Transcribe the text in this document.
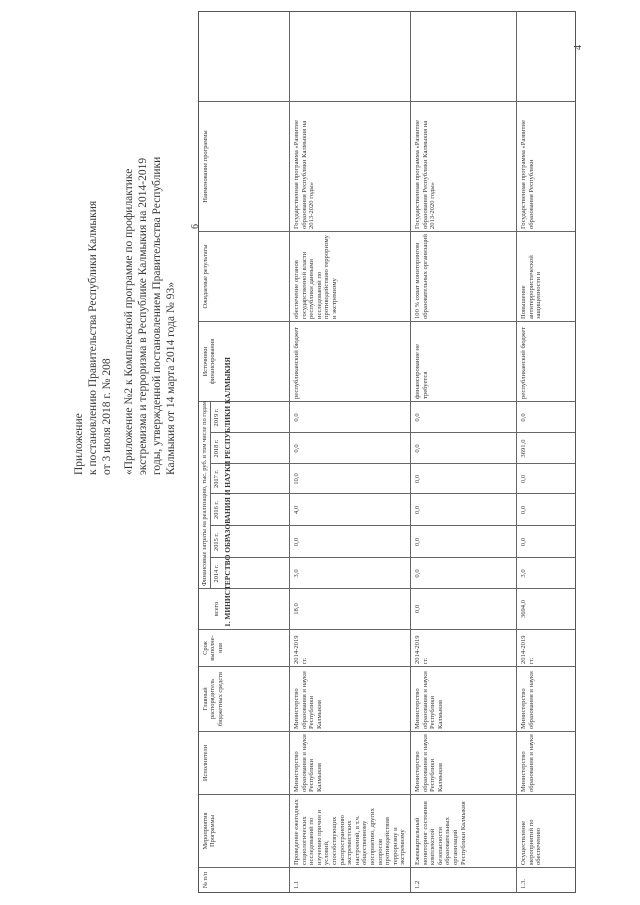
Приложение к постановлению Правительства Республики Калмыкия от 3 июля 2018 г. № 208 «Приложение №2 к Комплексной программе по профилактике экстремизма и терроризма в Республике Калмыкия на 2014-2019 годы, утвержденной постановлением Правительства Республики Калмыкия от 14 марта 2014 года № 93»
6
4
№ п/п
Мероприятия Программы
Исполнители
Главный распорядитель бюджетных средств
Срок выполне-ния
Финансовые затраты на реализацию, тыс. руб. в том числе по годам
всего
2014 г.
2015 г.
2016 г.
2017 г.
2018 г.
2019 г.
Источники финансирования
Ожидаемые результаты
Наименование программы
1. МИНИСТЕРСТВО ОБРАЗОВАНИЯ И НАУКИ РЕСПУБЛИКИ КАЛМЫКИЯ
1.1
Проведение ежегодных социологических исследований по изучению причин и условий, способствующих распространению экстремистских настроений, в т.ч. общественному восприятию, других вопросов противодействия терроризму и экстремизму
Министерство образования и науки Республики Калмыкия
Министерство образования и науки Республики Калмыкия
2014-2019 гг.
18,0
3,0
0,0
4,0
10,0
0,0
0,0
республиканский бюджет
обеспечение органов государственной власти республики данными исследований по противодействию терроризму и экстремизму
Государственная программа «Развитие образования Республики Калмыкия на 2013-2020 годы»
1.2
Ежеквартальный мониторинг состояния комплексной безопасности образовательных организаций Республики Калмыкия
Министерство образования и науки Республики Калмыкия
Министерство образования и науки Республики Калмыкия
2014-2019 гг.
0,0
0,0
0,0
0,0
0,0
0,0
0,0
финансирование не требуется
100 % охват мониторингом образовательных организаций
Государственная программа «Развитие образования Республики Калмыкия на 2013-2020 годы»
1.3.
Осуществление мероприятий по обеспечению
Министерство образования и науки
Министерство образования и науки
2014-2019 гг.
3694,0
3,0
0,0
0,0
0,0
3691,0
0,0
республиканский бюджет
Повышение антитеррористической защищенности и
Государственная программа «Развитие образования Республики
